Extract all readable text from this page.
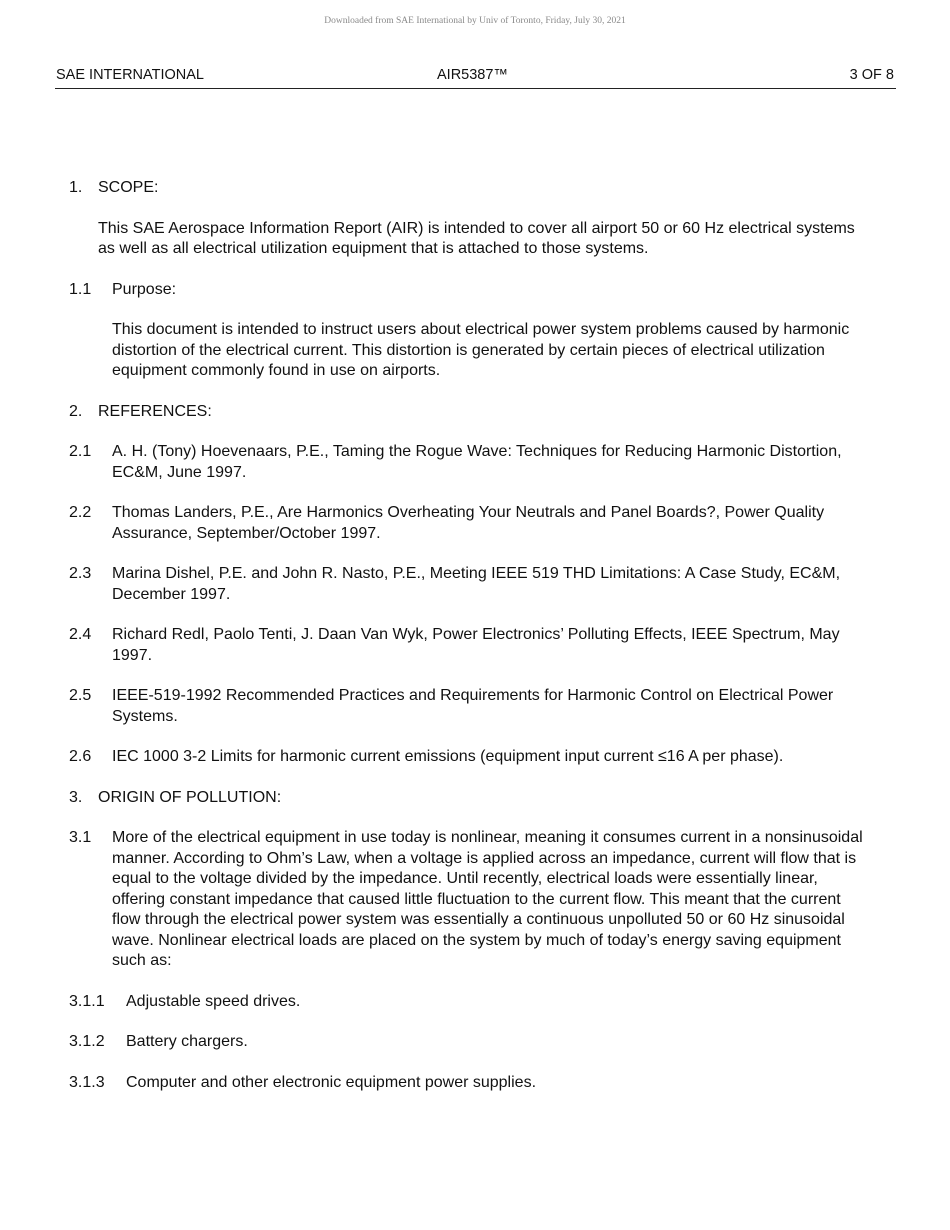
Downloaded from SAE International by Univ of Toronto, Friday, July 30, 2021
SAE INTERNATIONAL	AIR5387™	3 OF 8
1. SCOPE:

This SAE Aerospace Information Report (AIR) is intended to cover all airport 50 or 60 Hz electrical systems as well as all electrical utilization equipment that is attached to those systems.

1.1	Purpose:

This document is intended to instruct users about electrical power system problems caused by harmonic distortion of the electrical current. This distortion is generated by certain pieces of electrical utilization equipment commonly found in use on airports.

2. REFERENCES:
2.1	A. H. (Tony) Hoevenaars, P.E., Taming the Rogue Wave: Techniques for Reducing Harmonic Distortion, EC&M, June 1997.
2.2	Thomas Landers, P.E., Are Harmonics Overheating Your Neutrals and Panel Boards?, Power Quality Assurance, September/October 1997.
2.3	Marina Dishel, P.E. and John R. Nasto, P.E., Meeting IEEE 519 THD Limitations: A Case Study, EC&M, December 1997.
2.4	Richard Redl, Paolo Tenti, J. Daan Van Wyk, Power Electronics’ Polluting Effects, IEEE Spectrum, May 1997.
2.5	IEEE-519-1992 Recommended Practices and Requirements for Harmonic Control on Electrical Power Systems.
2.6	IEC 1000 3-2 Limits for harmonic current emissions (equipment input current ≤16 A per phase).
3. ORIGIN OF POLLUTION:
3.1	More of the electrical equipment in use today is nonlinear, meaning it consumes current in a nonsinusoidal manner. According to Ohm’s Law, when a voltage is applied across an impedance, current will flow that is equal to the voltage divided by the impedance. Until recently, electrical loads were essentially linear, offering constant impedance that caused little fluctuation to the current flow. This meant that the current flow through the electrical power system was essentially a continuous unpolluted 50 or 60 Hz sinusoidal wave. Nonlinear electrical loads are placed on the system by much of today’s energy saving equipment such as:
3.1.1	Adjustable speed drives.
3.1.2	Battery chargers.
3.1.3	Computer and other electronic equipment power supplies.
